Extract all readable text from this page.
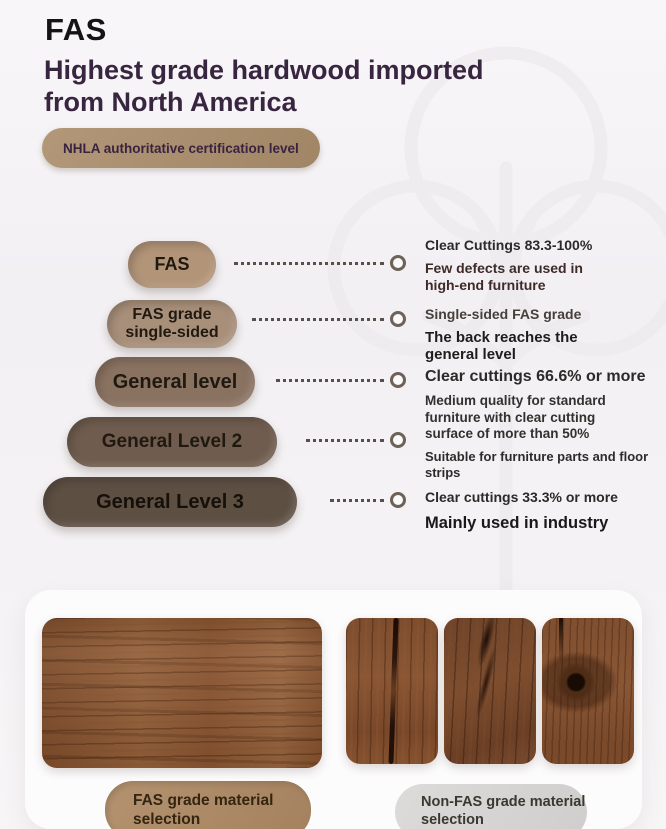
FAS
Highest grade hardwood imported
from North America
NHLA authoritative certification level
FAS
FAS grade
single-sided
General level
General Level 2
General Level 3
Clear Cuttings 83.3-100%
Few defects are used in high-end furniture
Single-sided FAS grade
The back reaches the general level
Clear cuttings 66.6% or more
Medium quality for standard furniture with clear cutting surface of more than 50%
Suitable for furniture parts and floor strips
Clear cuttings 33.3% or more
Mainly used in industry
FAS grade material
selection
Non-FAS grade material
selection
